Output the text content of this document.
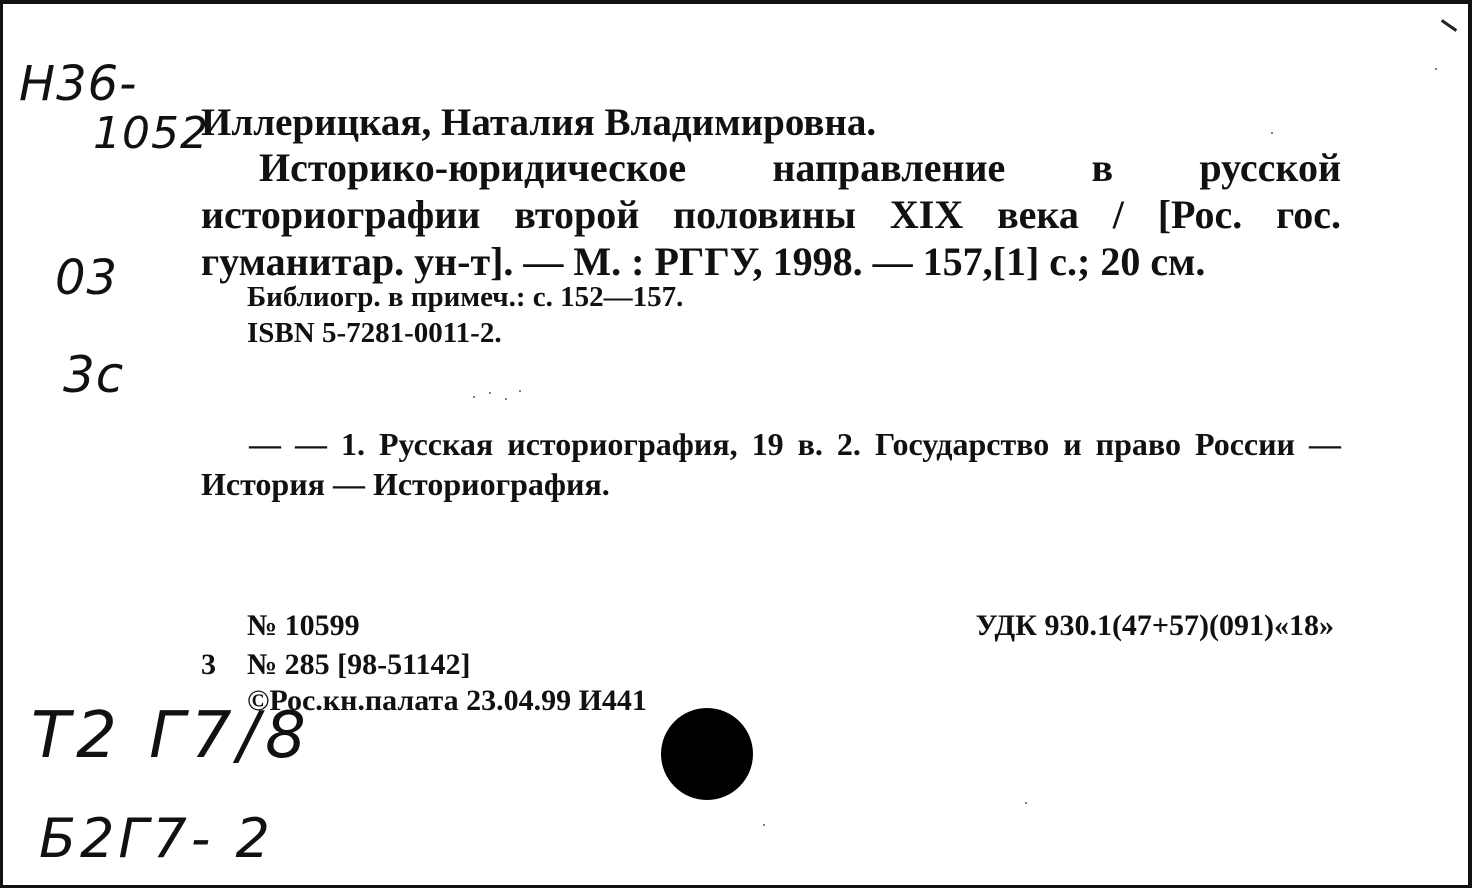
Н36-
1052
03
3с
Иллерицкая, Наталия Владимировна.

Историко-юридическое направление в русской историографии второй половины XIX века / [Рос. гос. гуманитар. ун-т]. — М. : РГГУ, 1998. — 157,[1] с.; 20 см.

Библиогр. в примеч.: с. 152—157.
ISBN 5-7281-0011-2.

— — 1. Русская историография, 19 в. 2. Государство и право России — История — Историография.

№ 10599	УДК 930.1(47+57)(091)«18»
3 № 285 [98-51142]
©Рос.кн.палата 23.04.99 И441
Т2 Г7/8
Б2Г7- 2
